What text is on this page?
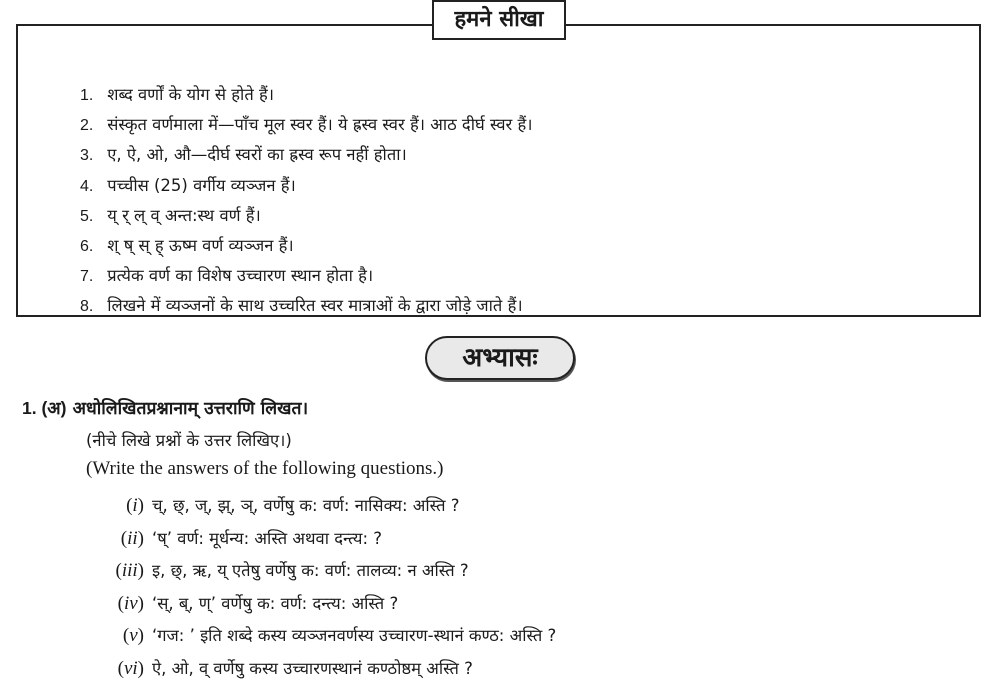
1. शब्द वर्णों के योग से होते हैं।
2. संस्कृत वर्णमाला में—पाँच मूल स्वर हैं। ये ह्रस्व स्वर हैं। आठ दीर्घ स्वर हैं।
3. ए, ऐ, ओ, औ—दीर्घ स्वरों का ह्रस्व रूप नहीं होता।
4. पच्चीस (25) वर्गीय व्यञ्जन हैं।
5. य् र् ल् व् अन्त:स्थ वर्ण हैं।
6. श् ष् स् ह् ऊष्म वर्ण व्यञ्जन हैं।
7. प्रत्येक वर्ण का विशेष उच्चारण स्थान होता है।
8. लिखने में व्यञ्जनों के साथ उच्चरित स्वर मात्राओं के द्वारा जोड़े जाते हैं।
हमने सीखा
अभ्यासः
1. (अ) अधोलिखितप्रश्नानाम् उत्तराणि लिखत।
(नीचे लिखे प्रश्नों के उत्तर लिखिए।)
(Write the answers of the following questions.)
(i) च्, छ्, ज्, झ्, ञ्, वर्णेषु क: वर्ण: नासिक्य: अस्ति ?
(ii) ‘ष्’ वर्ण: मूर्धन्य: अस्ति अथवा दन्त्य: ?
(iii) इ, छ्, ऋ, य् एतेषु वर्णेषु क: वर्ण: तालव्य: न अस्ति ?
(iv) ‘स्, ब्, ण्’ वर्णेषु क: वर्ण: दन्त्य: अस्ति ?
(v) ‘गज: ’ इति शब्दे कस्य व्यञ्जनवर्णस्य उच्चारण-स्थानं कण्ठ: अस्ति ?
(vi) ऐ, ओ, व् वर्णेषु कस्य उच्चारणस्थानं कण्ठोष्ठम् अस्ति ?
